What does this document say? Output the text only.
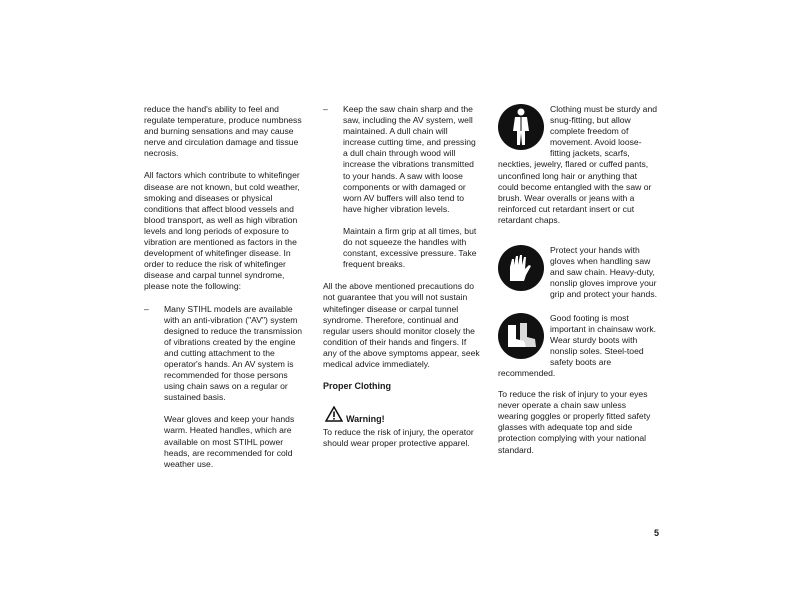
reduce the hand's ability to feel and regulate temperature, produce numbness and burning sensations and may cause nerve and circulation damage and tissue necrosis.

All factors which contribute to whitefinger disease are not known, but cold weather, smoking and diseases or physical conditions that affect blood vessels and blood transport, as well as high vibration levels and long periods of exposure to vibration are mentioned as factors in the development of whitefinger disease. In order to reduce the risk of whitefinger disease and carpal tunnel syndrome, please note the following:

– Many STIHL models are available with an anti-vibration ("AV") system designed to reduce the transmission of vibrations created by the engine and cutting attachment to the operator's hands. An AV system is recommended for those persons using chain saws on a regular or sustained basis.

Wear gloves and keep your hands warm. Heated handles, which are available on most STIHL power heads, are recommended for cold weather use.

– Keep the saw chain sharp and the saw, including the AV system, well maintained. A dull chain will increase cutting time, and pressing a dull chain through wood will increase the vibrations transmitted to your hands. A saw with loose components or with damaged or worn AV buffers will also tend to have higher vibration levels.

Maintain a firm grip at all times, but do not squeeze the handles with constant, excessive pressure. Take frequent breaks.

All the above mentioned precautions do not guarantee that you will not sustain whitefinger disease or carpal tunnel syndrome. Therefore, continual and regular users should monitor closely the condition of their hands and fingers. If any of the above symptoms appear, seek medical advice immediately.

Proper Clothing
Warning!

To reduce the risk of injury, the operator should wear proper protective apparel.

Clothing must be sturdy and snug-fitting, but allow complete freedom of movement. Avoid loose-fitting jackets, scarfs,

neckties, jewelry, flared or cuffed pants, unconfined long hair or anything that could become entangled with the saw or brush. Wear overalls or jeans with a reinforced cut retardant insert or cut retardant chaps.

Protect your hands with gloves when handling saw and saw chain. Heavy-duty, nonslip gloves improve your grip and protect your hands.
Good footing is most important in chainsaw work. Wear sturdy boots with nonslip soles. Steel-toed safety boots are recommended.

To reduce the risk of injury to your eyes never operate a chain saw unless wearing goggles or properly fitted safety glasses with adequate top and side protection complying with your national standard.

5
